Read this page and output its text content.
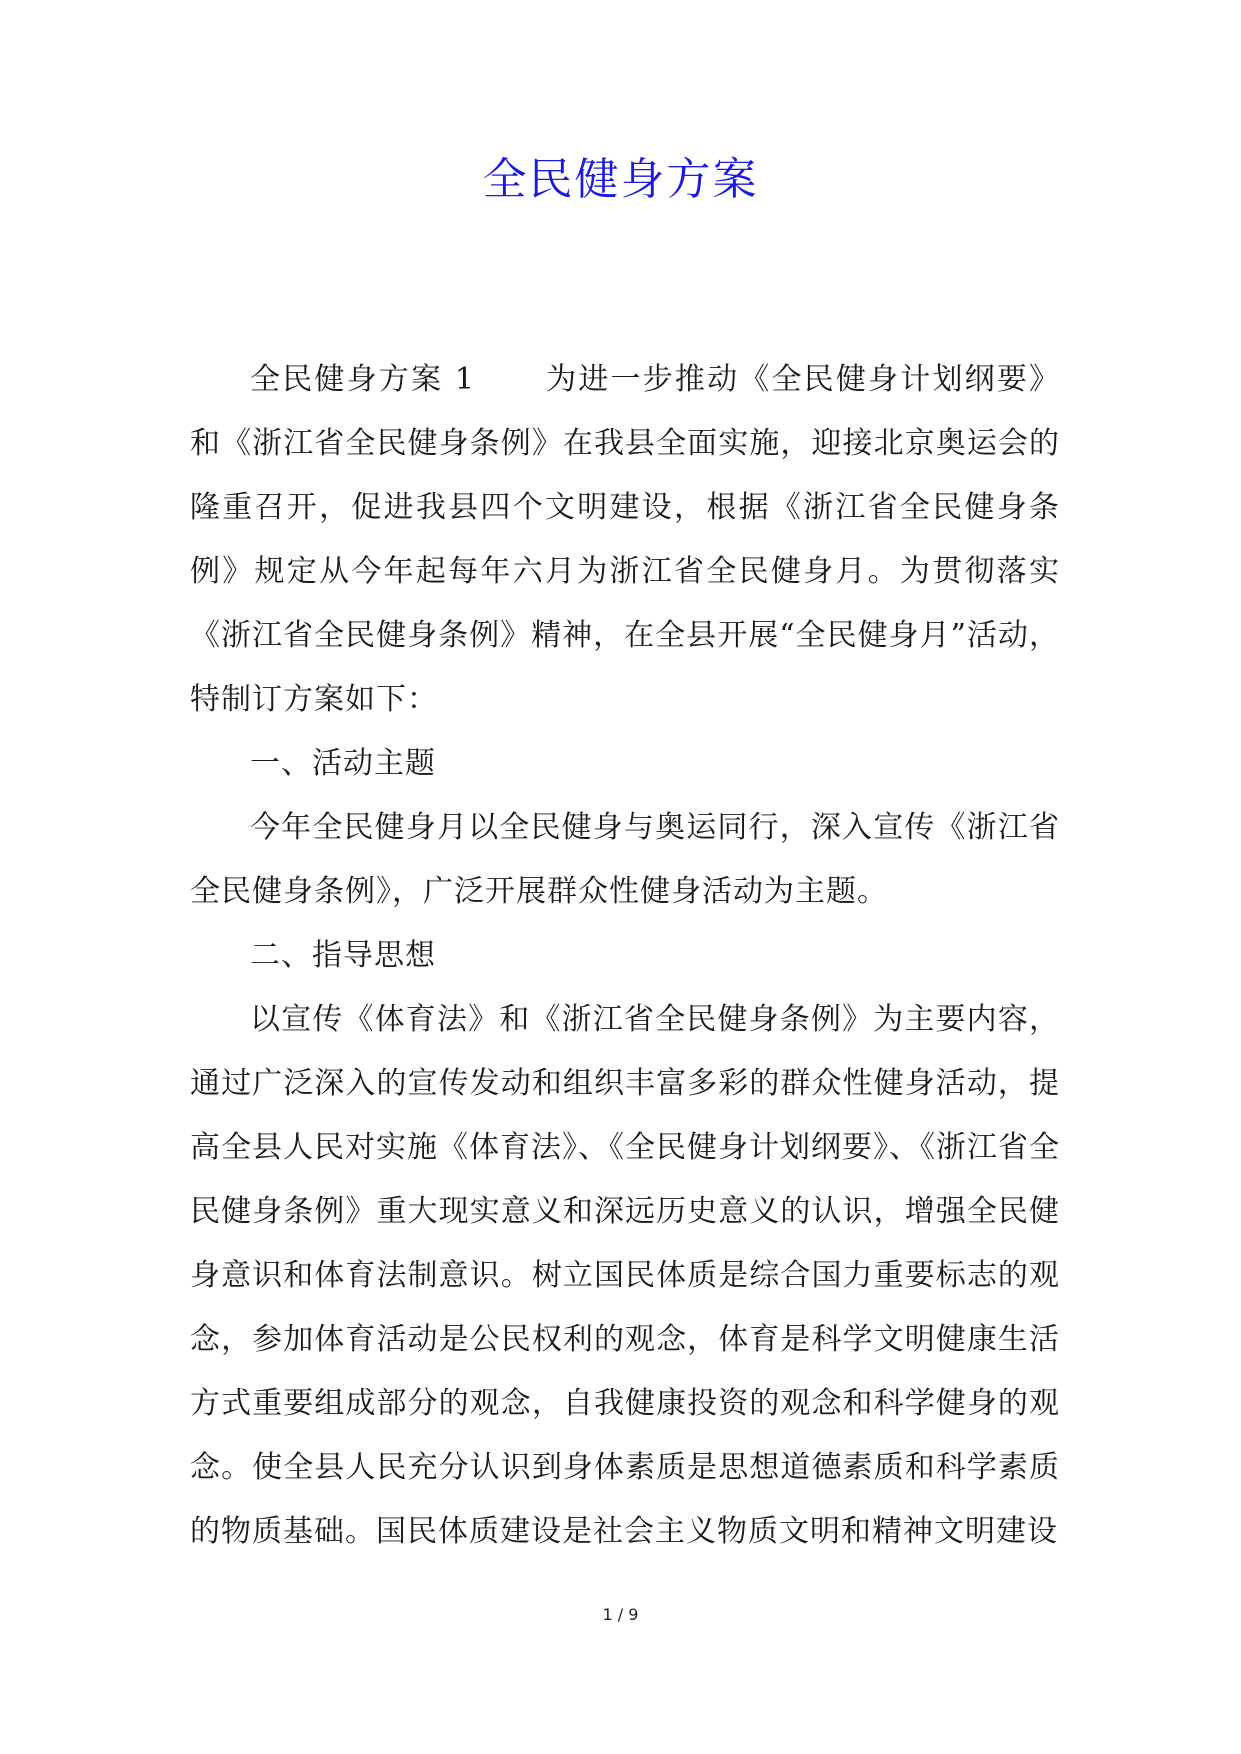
全民健身方案

全民健身方案 1 为进一步推动《全民健身计划纲要》和《浙江省全民健身条例》在我县全面实施，迎接北京奥运会的隆重召开，促进我县四个文明建设，根据《浙江省全民健身条例》规定从今年起每年六月为浙江省全民健身月。为贯彻落实《浙江省全民健身条例》精神，在全县开展“全民健身月”活动，特制订方案如下：

一、活动主题

今年全民健身月以全民健身与奥运同行，深入宣传《浙江省全民健身条例》，广泛开展群众性健身活动为主题。

二、指导思想

以宣传《体育法》和《浙江省全民健身条例》为主要内容，通过广泛深入的宣传发动和组织丰富多彩的群众性健身活动，提高全县人民对实施《体育法》、《全民健身计划纲要》、《浙江省全民健身条例》重大现实意义和深远历史意义的认识，增强全民健身意识和体育法制意识。树立国民体质是综合国力重要标志的观念，参加体育活动是公民权利的观念，体育是科学文明健康生活方式重要组成部分的观念，自我健康投资的观念和科学健身的观念。使全县人民充分认识到身体素质是思想道德素质和科学素质的物质基础。国民体质建设是社会主义物质文明和精神文明建设

1 / 9
